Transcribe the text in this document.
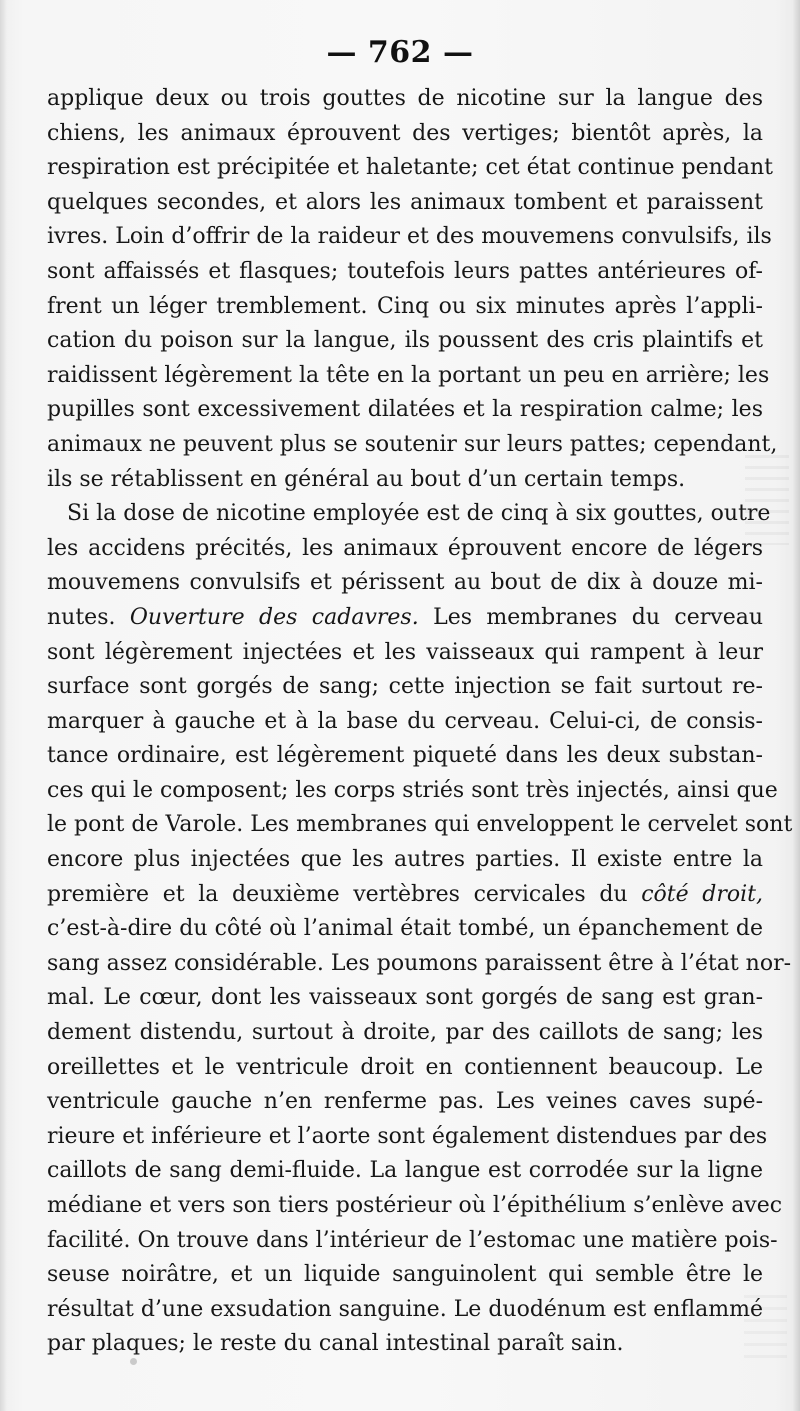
— 762 —
applique deux ou trois gouttes de nicotine sur la langue des
chiens, les animaux éprouvent des vertiges; bientôt après, la
respiration est précipitée et haletante; cet état continue pendant
quelques secondes, et alors les animaux tombent et paraissent
ivres. Loin d’offrir de la raideur et des mouvemens convulsifs, ils
sont affaissés et flasques; toutefois leurs pattes antérieures of-
frent un léger tremblement. Cinq ou six minutes après l’appli-
cation du poison sur la langue, ils poussent des cris plaintifs et
raidissent légèrement la tête en la portant un peu en arrière; les
pupilles sont excessivement dilatées et la respiration calme; les
animaux ne peuvent plus se soutenir sur leurs pattes; cependant,
ils se rétablissent en général au bout d’un certain temps.
Si la dose de nicotine employée est de cinq à six gouttes, outre
les accidens précités, les animaux éprouvent encore de légers
mouvemens convulsifs et périssent au bout de dix à douze mi-
nutes. Ouverture des cadavres. Les membranes du cerveau
sont légèrement injectées et les vaisseaux qui rampent à leur
surface sont gorgés de sang; cette injection se fait surtout re-
marquer à gauche et à la base du cerveau. Celui-ci, de consis-
tance ordinaire, est légèrement piqueté dans les deux substan-
ces qui le composent; les corps striés sont très injectés, ainsi que
le pont de Varole. Les membranes qui enveloppent le cervelet sont
encore plus injectées que les autres parties. Il existe entre la
première et la deuxième vertèbres cervicales du côté droit,
c’est-à-dire du côté où l’animal était tombé, un épanchement de
sang assez considérable. Les poumons paraissent être à l’état nor-
mal. Le cœur, dont les vaisseaux sont gorgés de sang est gran-
dement distendu, surtout à droite, par des caillots de sang; les
oreillettes et le ventricule droit en contiennent beaucoup. Le
ventricule gauche n’en renferme pas. Les veines caves supé-
rieure et inférieure et l’aorte sont également distendues par des
caillots de sang demi-fluide. La langue est corrodée sur la ligne
médiane et vers son tiers postérieur où l’épithélium s’enlève avec
facilité. On trouve dans l’intérieur de l’estomac une matière pois-
seuse noirâtre, et un liquide sanguinolent qui semble être le
résultat d’une exsudation sanguine. Le duodénum est enflammé
par plaques; le reste du canal intestinal paraît sain.
